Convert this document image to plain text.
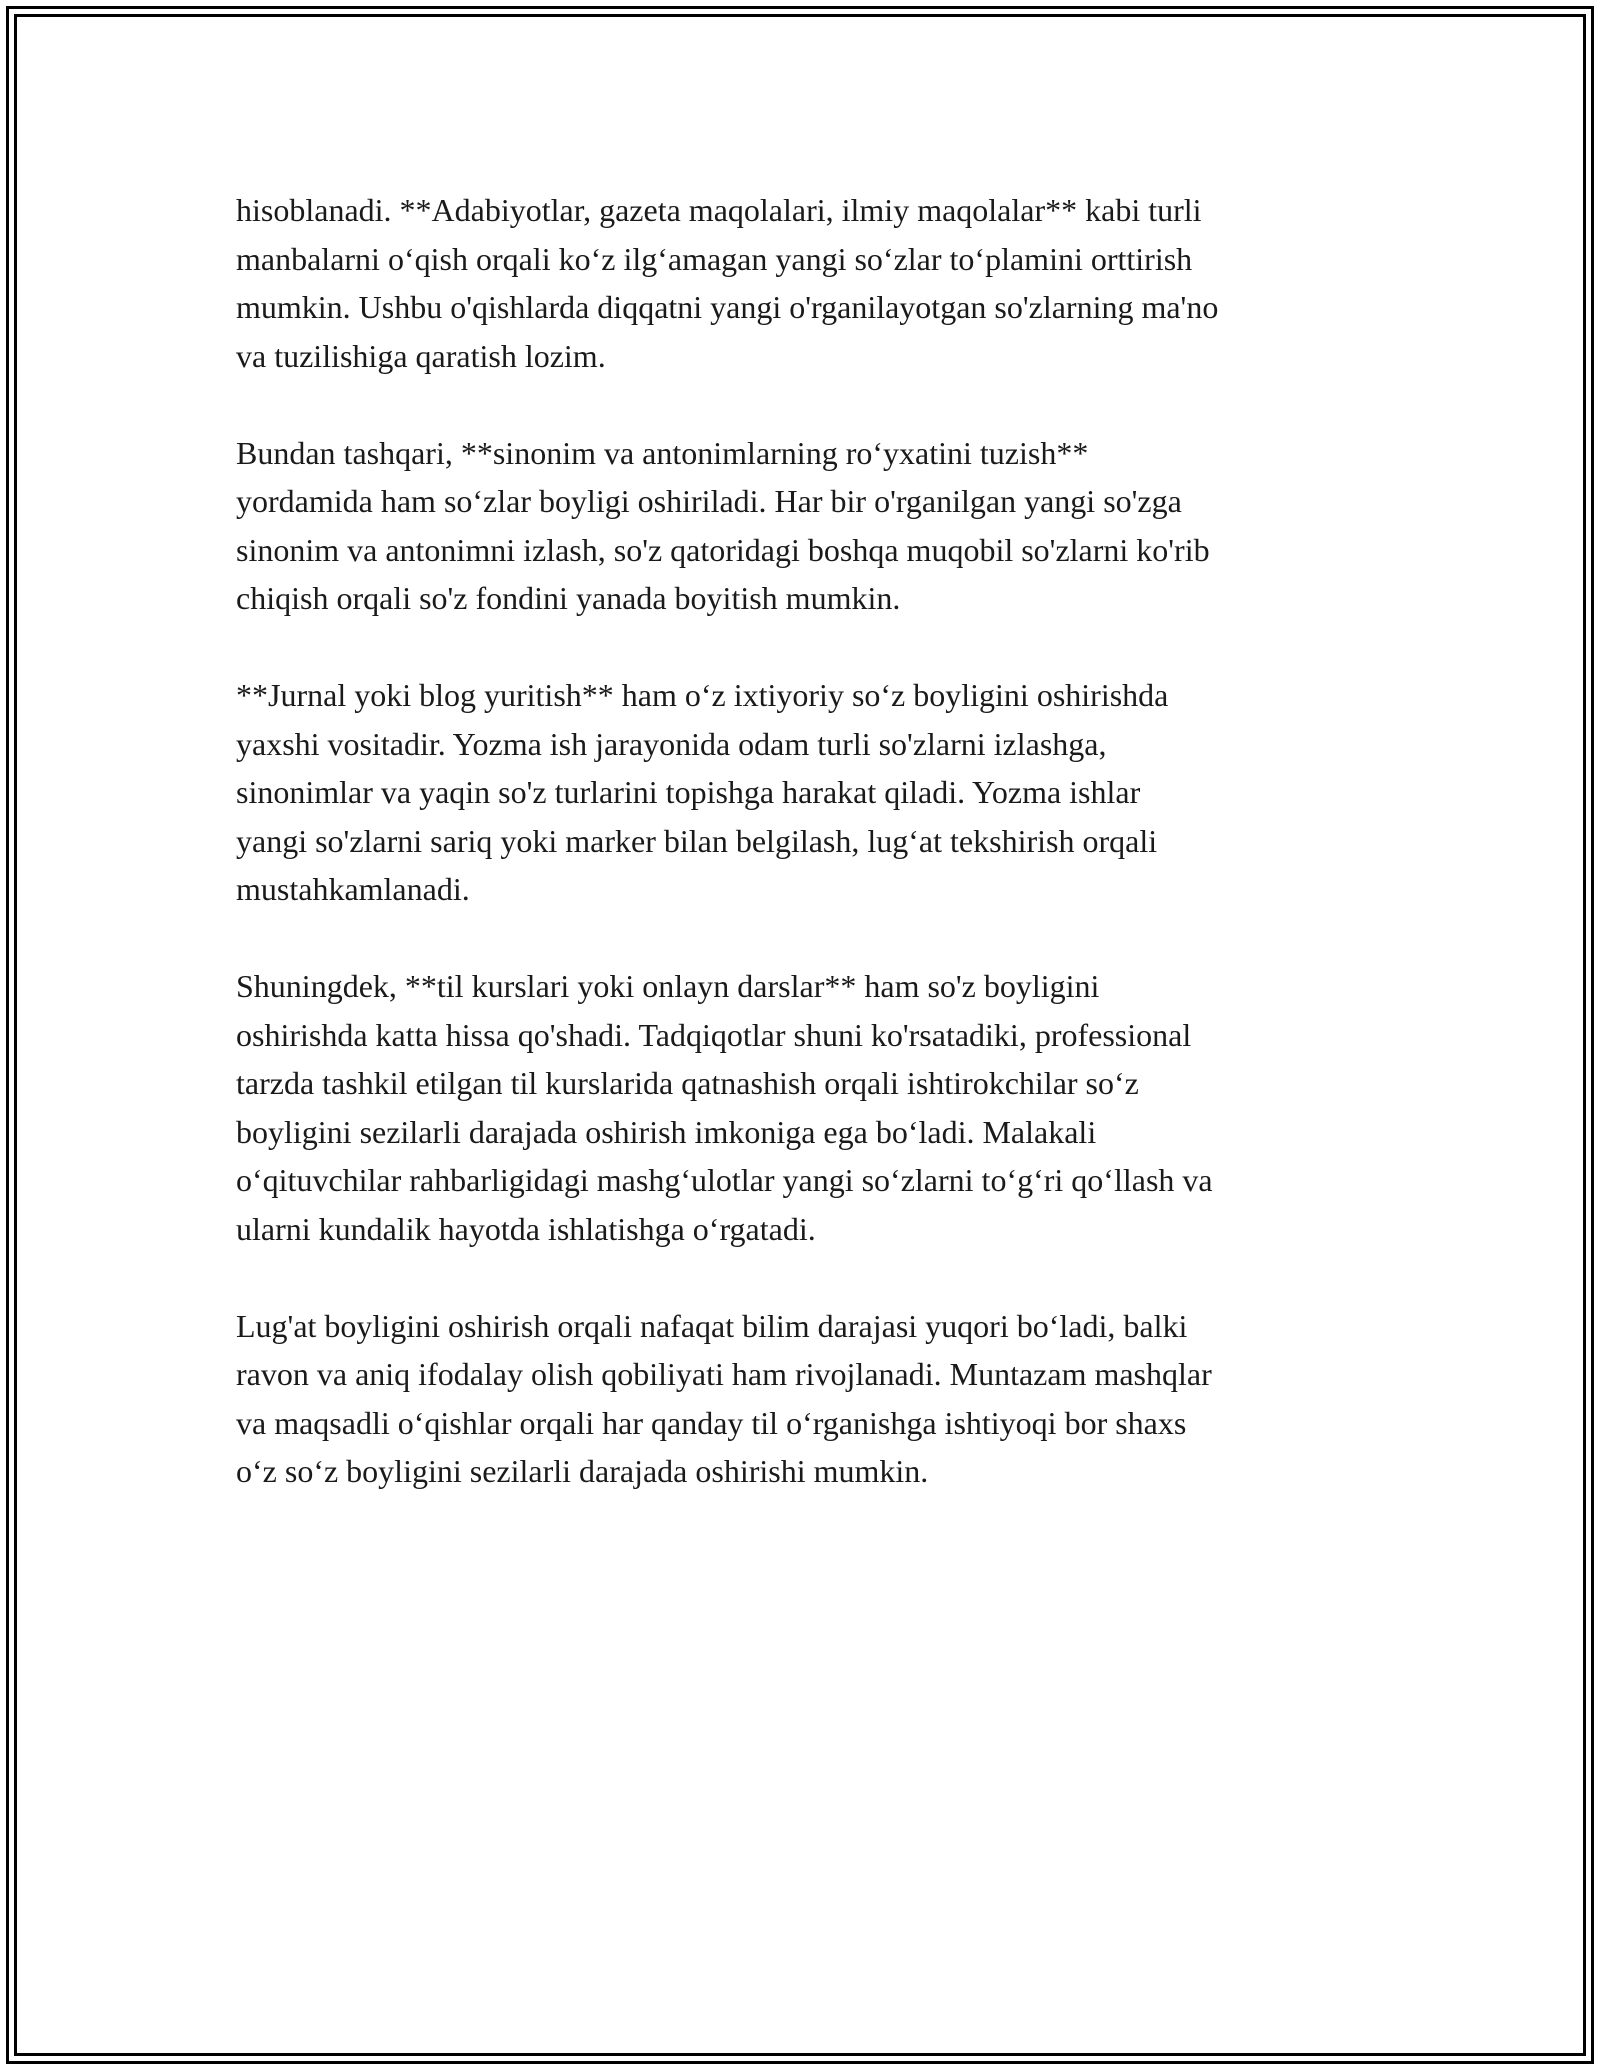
hisoblanadi. **Adabiyotlar, gazeta maqolalari, ilmiy maqolalar** kabi turli
manbalarni o‘qish orqali ko‘z ilg‘amagan yangi so‘zlar to‘plamini orttirish
mumkin. Ushbu o'qishlarda diqqatni yangi o'rganilayotgan so'zlarning ma'no
va tuzilishiga qaratish lozim.

Bundan tashqari, **sinonim va antonimlarning ro‘yxatini tuzish**
yordamida ham so‘zlar boyligi oshiriladi. Har bir o'rganilgan yangi so'zga
sinonim va antonimni izlash, so'z qatoridagi boshqa muqobil so'zlarni ko'rib
chiqish orqali so'z fondini yanada boyitish mumkin.

**Jurnal yoki blog yuritish** ham o‘z ixtiyoriy so‘z boyligini oshirishda
yaxshi vositadir. Yozma ish jarayonida odam turli so'zlarni izlashga,
sinonimlar va yaqin so'z turlarini topishga harakat qiladi. Yozma ishlar
yangi so'zlarni sariq yoki marker bilan belgilash, lug‘at tekshirish orqali
mustahkamlanadi.

Shuningdek, **til kurslari yoki onlayn darslar** ham so'z boyligini
oshirishda katta hissa qo'shadi. Tadqiqotlar shuni ko'rsatadiki, professional
tarzda tashkil etilgan til kurslarida qatnashish orqali ishtirokchilar so‘z
boyligini sezilarli darajada oshirish imkoniga ega bo‘ladi. Malakali
o‘qituvchilar rahbarligidagi mashg‘ulotlar yangi so‘zlarni to‘g‘ri qo‘llash va
ularni kundalik hayotda ishlatishga o‘rgatadi.

Lug'at boyligini oshirish orqali nafaqat bilim darajasi yuqori bo‘ladi, balki
ravon va aniq ifodalay olish qobiliyati ham rivojlanadi. Muntazam mashqlar
va maqsadli o‘qishlar orqali har qanday til o‘rganishga ishtiyoqi bor shaxs
o‘z so‘z boyligini sezilarli darajada oshirishi mumkin.
